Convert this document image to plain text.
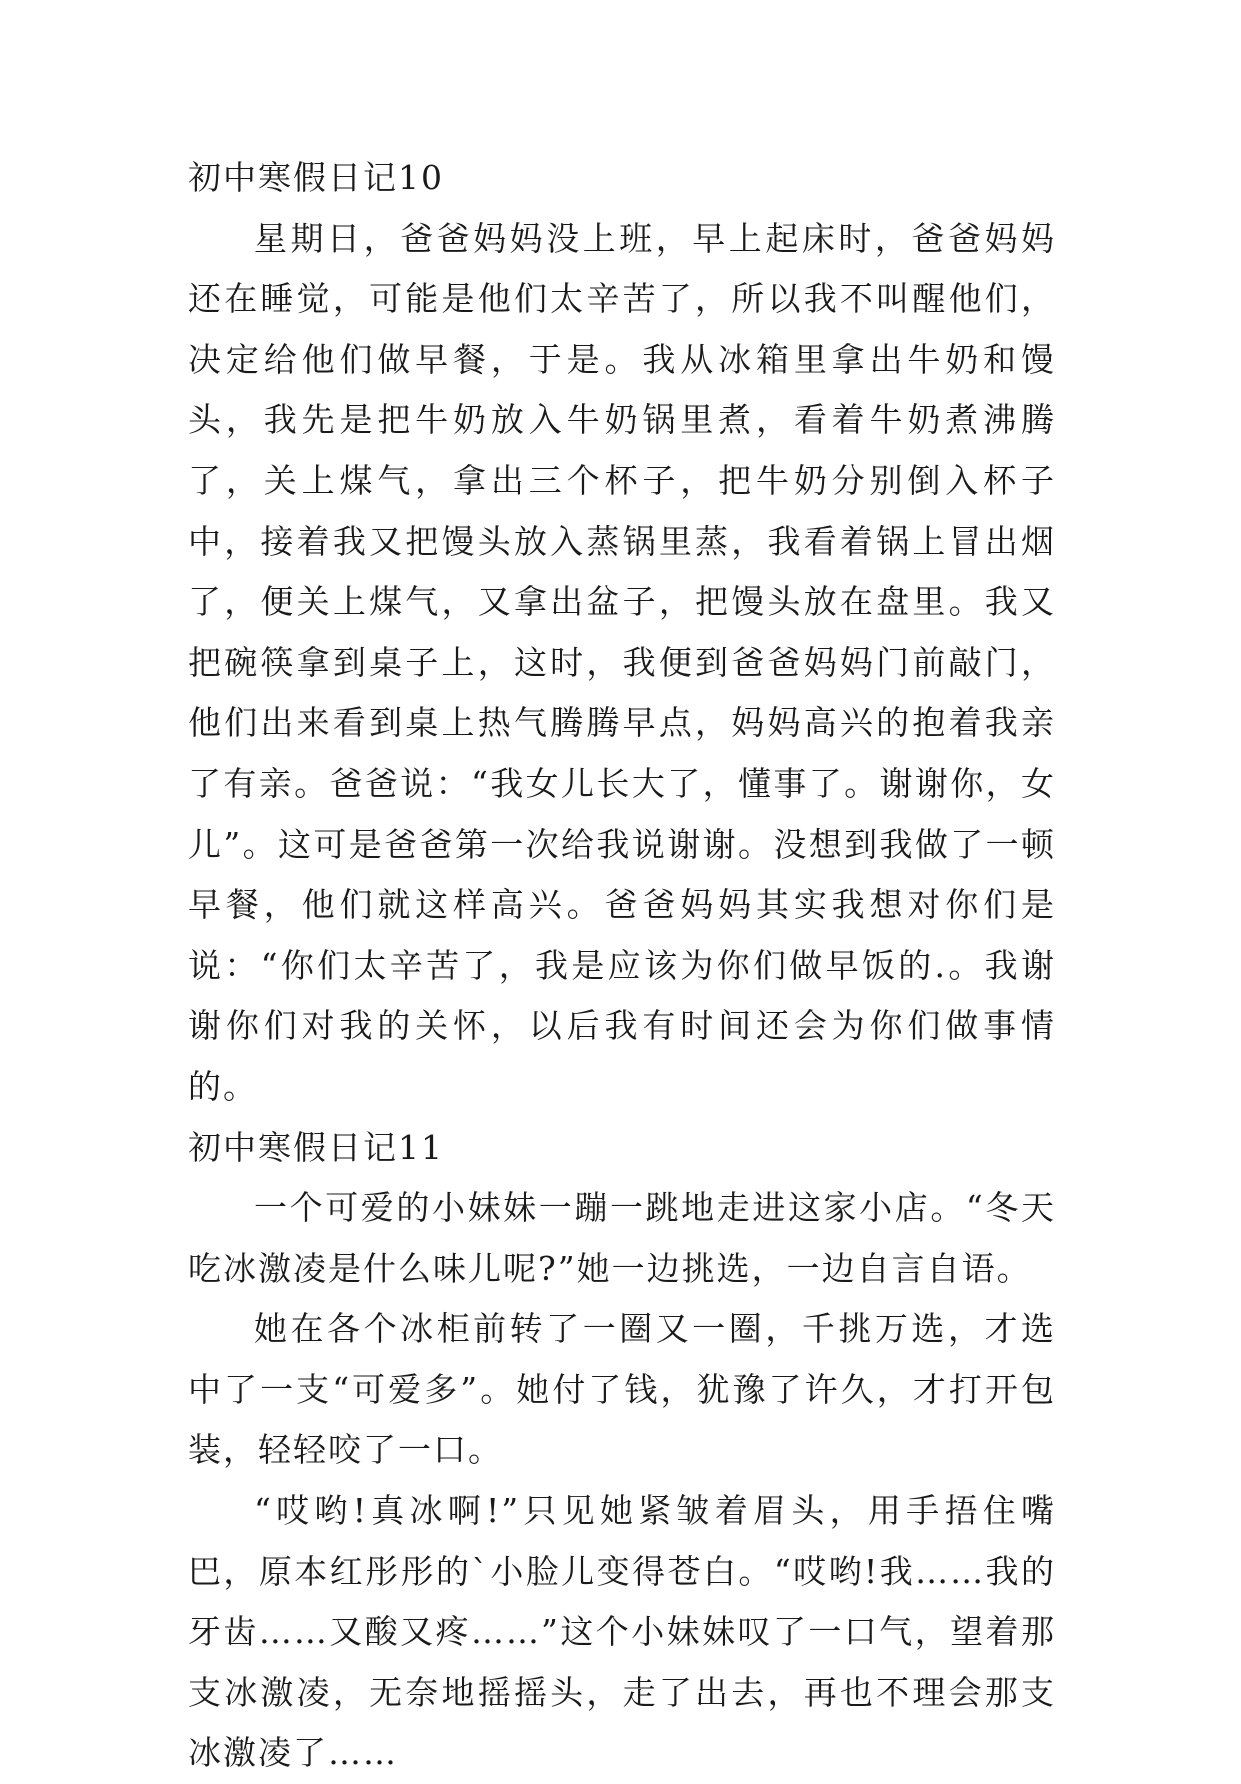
初中寒假日记10

星期日，爸爸妈妈没上班，早上起床时，爸爸妈妈还在睡觉，可能是他们太辛苦了，所以我不叫醒他们，决定给他们做早餐，于是。我从冰箱里拿出牛奶和馒头，我先是把牛奶放入牛奶锅里煮，看着牛奶煮沸腾了，关上煤气，拿出三个杯子，把牛奶分别倒入杯子中，接着我又把馒头放入蒸锅里蒸，我看着锅上冒出烟了，便关上煤气，又拿出盆子，把馒头放在盘里。我又把碗筷拿到桌子上，这时，我便到爸爸妈妈门前敲门，他们出来看到桌上热气腾腾早点，妈妈高兴的抱着我亲了有亲。爸爸说：“我女儿长大了，懂事了。谢谢你，女儿”。这可是爸爸第一次给我说谢谢。没想到我做了一顿早餐，他们就这样高兴。爸爸妈妈其实我想对你们是说：“你们太辛苦了，我是应该为你们做早饭的.。我谢谢你们对我的关怀，以后我有时间还会为你们做事情的。

初中寒假日记11

一个可爱的小妹妹一蹦一跳地走进这家小店。“冬天吃冰激凌是什么味儿呢?”她一边挑选，一边自言自语。

她在各个冰柜前转了一圈又一圈，千挑万选，才选中了一支“可爱多”。她付了钱，犹豫了许久，才打开包装，轻轻咬了一口。

“哎哟!真冰啊!”只见她紧皱着眉头，用手捂住嘴巴，原本红彤彤的`小脸儿变得苍白。“哎哟!我……我的牙齿……又酸又疼……”这个小妹妹叹了一口气，望着那支冰激凌，无奈地摇摇头，走了出去，再也不理会那支冰激凌了……
